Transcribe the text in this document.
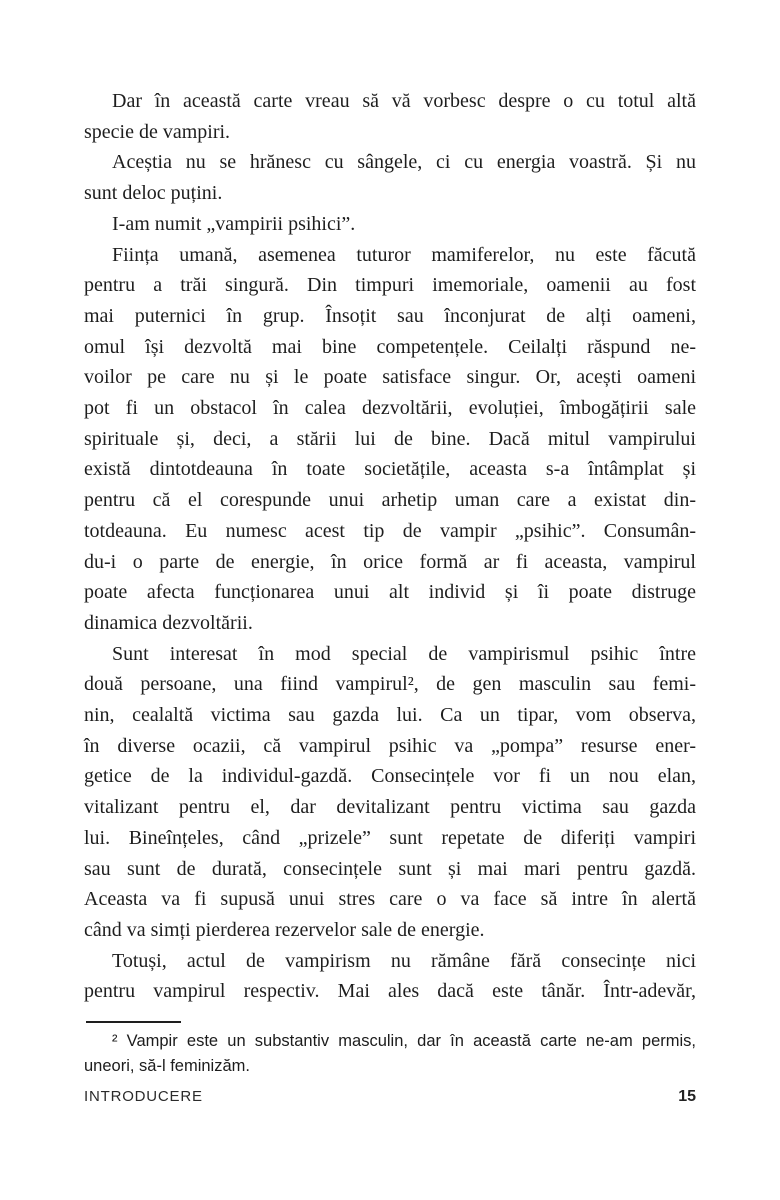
Dar în această carte vreau să vă vorbesc despre o cu totul altă
specie de vampiri.
Aceștia nu se hrănesc cu sângele, ci cu energia voastră. Și nu
sunt deloc puțini.
I-am numit „vampirii psihici”.
Ființa umană, asemenea tuturor mamiferelor, nu este făcută
pentru a trăi singură. Din timpuri imemoriale, oamenii au fost
mai puternici în grup. Însoțit sau înconjurat de alți oameni,
omul își dezvoltă mai bine competențele. Ceilalți răspund ne-
voilor pe care nu și le poate satisface singur. Or, acești oameni
pot fi un obstacol în calea dezvoltării, evoluției, îmbogățirii sale
spirituale și, deci, a stării lui de bine. Dacă mitul vampirului
există dintotdeauna în toate societățile, aceasta s-a întâmplat și
pentru că el corespunde unui arhetip uman care a existat din-
totdeauna. Eu numesc acest tip de vampir „psihic”. Consumân-
du-i o parte de energie, în orice formă ar fi aceasta, vampirul
poate afecta funcționarea unui alt individ și îi poate distruge
dinamica dezvoltării.
Sunt interesat în mod special de vampirismul psihic între
două persoane, una fiind vampirul², de gen masculin sau femi-
nin, cealaltă victima sau gazda lui. Ca un tipar, vom observa,
în diverse ocazii, că vampirul psihic va „pompa” resurse ener-
getice de la individul-gazdă. Consecințele vor fi un nou elan,
vitalizant pentru el, dar devitalizant pentru victima sau gazda
lui. Bineînțeles, când „prizele” sunt repetate de diferiți vampiri
sau sunt de durată, consecințele sunt și mai mari pentru gazdă.
Aceasta va fi supusă unui stres care o va face să intre în alertă
când va simți pierderea rezervelor sale de energie.
Totuși, actul de vampirism nu rămâne fără consecințe nici
pentru vampirul respectiv. Mai ales dacă este tânăr. Într-adevăr,
² Vampir este un substantiv masculin, dar în această carte ne-am permis,
uneori, să-l feminizăm.
INTRODUCERE	15
